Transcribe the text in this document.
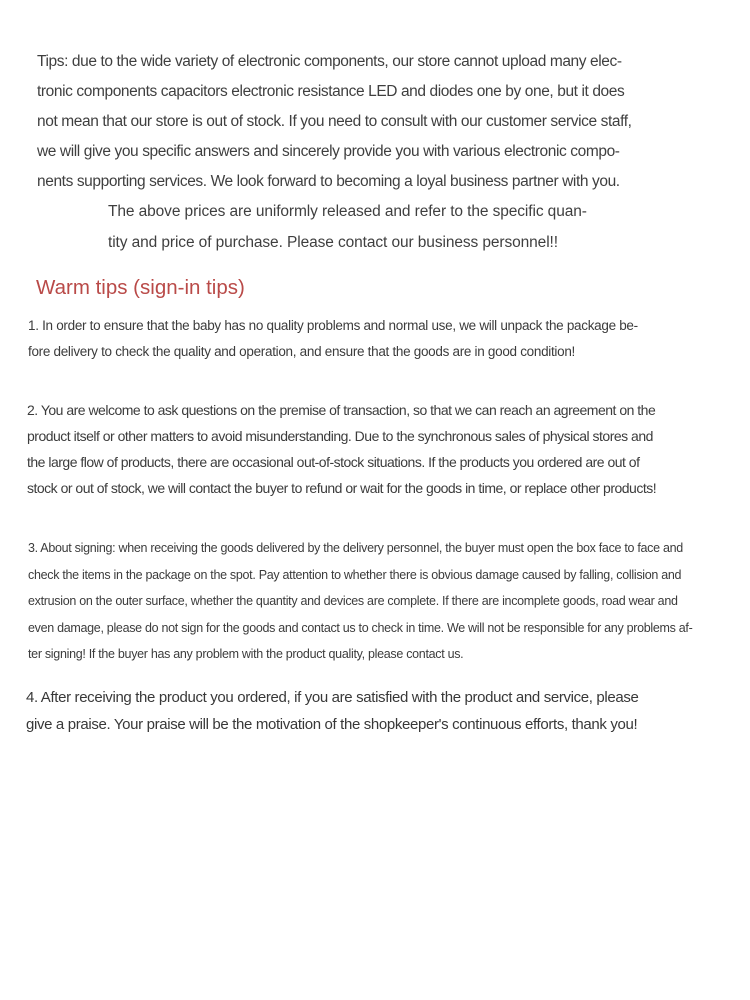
Tips: due to the wide variety of electronic components, our store cannot upload many elec-
tronic components capacitors electronic resistance LED and diodes one by one, but it does
not mean that our store is out of stock. If you need to consult with our customer service staff,
we will give you specific answers and sincerely provide you with various electronic compo-
nents supporting services. We look forward to becoming a loyal business partner with you.
The above prices are uniformly released and refer to the specific quan-
tity and price of purchase. Please contact our business personnel!!
Warm tips (sign-in tips)
1. In order to ensure that the baby has no quality problems and normal use, we will unpack the package be-
fore delivery to check the quality and operation, and ensure that the goods are in good condition!
2. You are welcome to ask questions on the premise of transaction, so that we can reach an agreement on the
product itself or other matters to avoid misunderstanding. Due to the synchronous sales of physical stores and
the large flow of products, there are occasional out-of-stock situations. If the products you ordered are out of
stock or out of stock, we will contact the buyer to refund or wait for the goods in time, or replace other products!
3. About signing: when receiving the goods delivered by the delivery personnel, the buyer must open the box face to face and
check the items in the package on the spot. Pay attention to whether there is obvious damage caused by falling, collision and
extrusion on the outer surface, whether the quantity and devices are complete. If there are incomplete goods, road wear and
even damage, please do not sign for the goods and contact us to check in time. We will not be responsible for any problems af-
ter signing! If the buyer has any problem with the product quality, please contact us.
4. After receiving the product you ordered, if you are satisfied with the product and service, please
give a praise. Your praise will be the motivation of the shopkeeper's continuous efforts, thank you!
